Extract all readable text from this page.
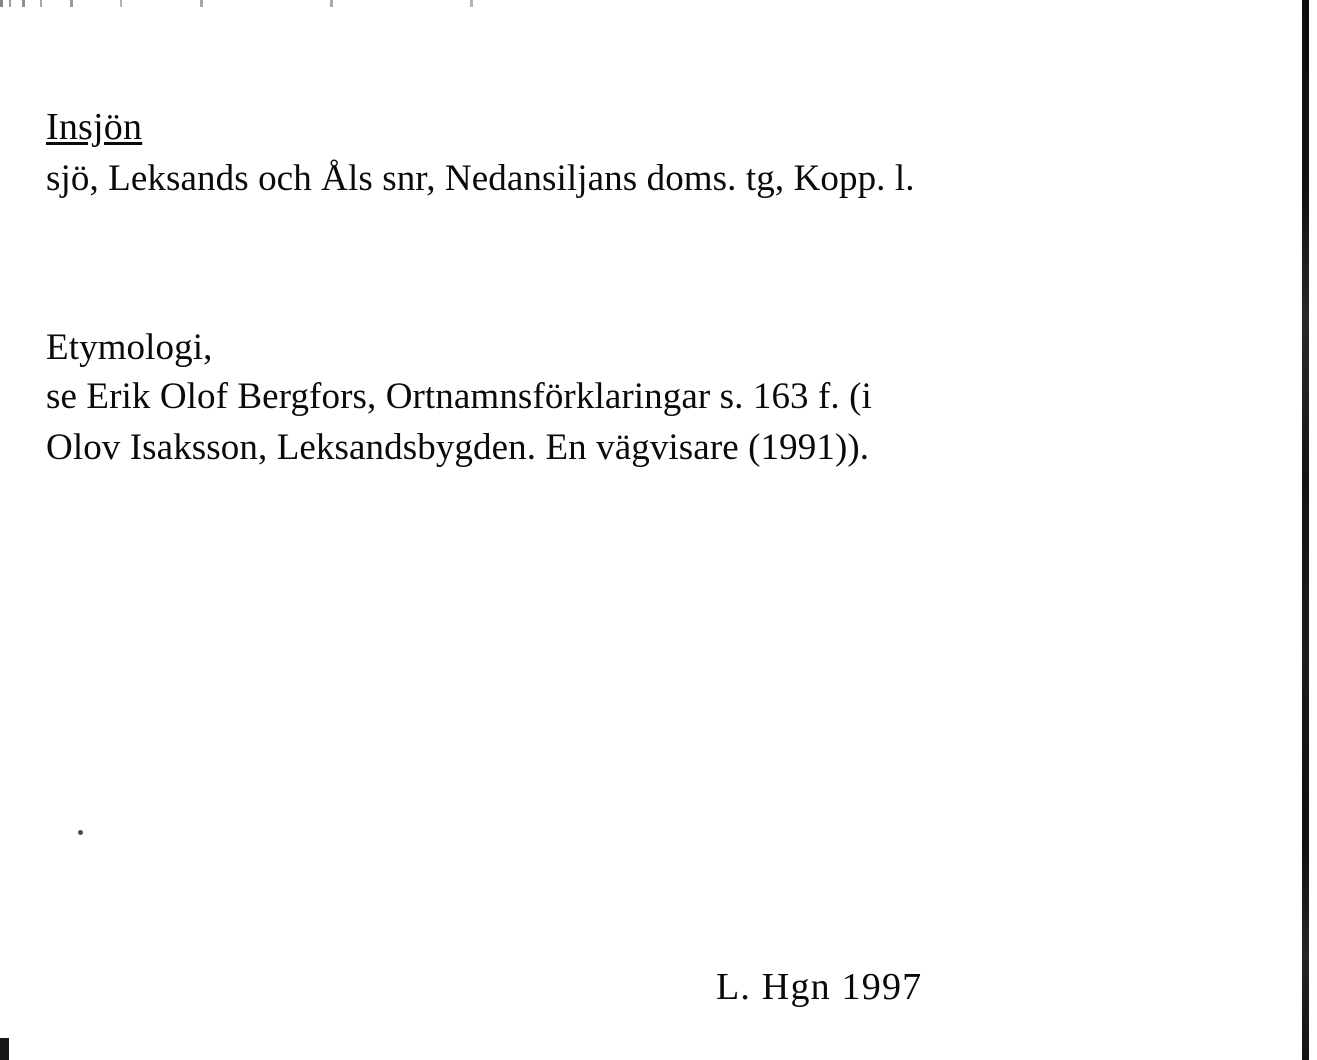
Insjön
sjö, Leksands och Åls snr, Nedansiljans doms. tg, Kopp. l.
Etymologi,
se Erik Olof Bergfors, Ortnamnsförklaringar s. 163 f. (i
Olov Isaksson, Leksandsbygden. En vägvisare (1991)).
L. Hgn 1997
